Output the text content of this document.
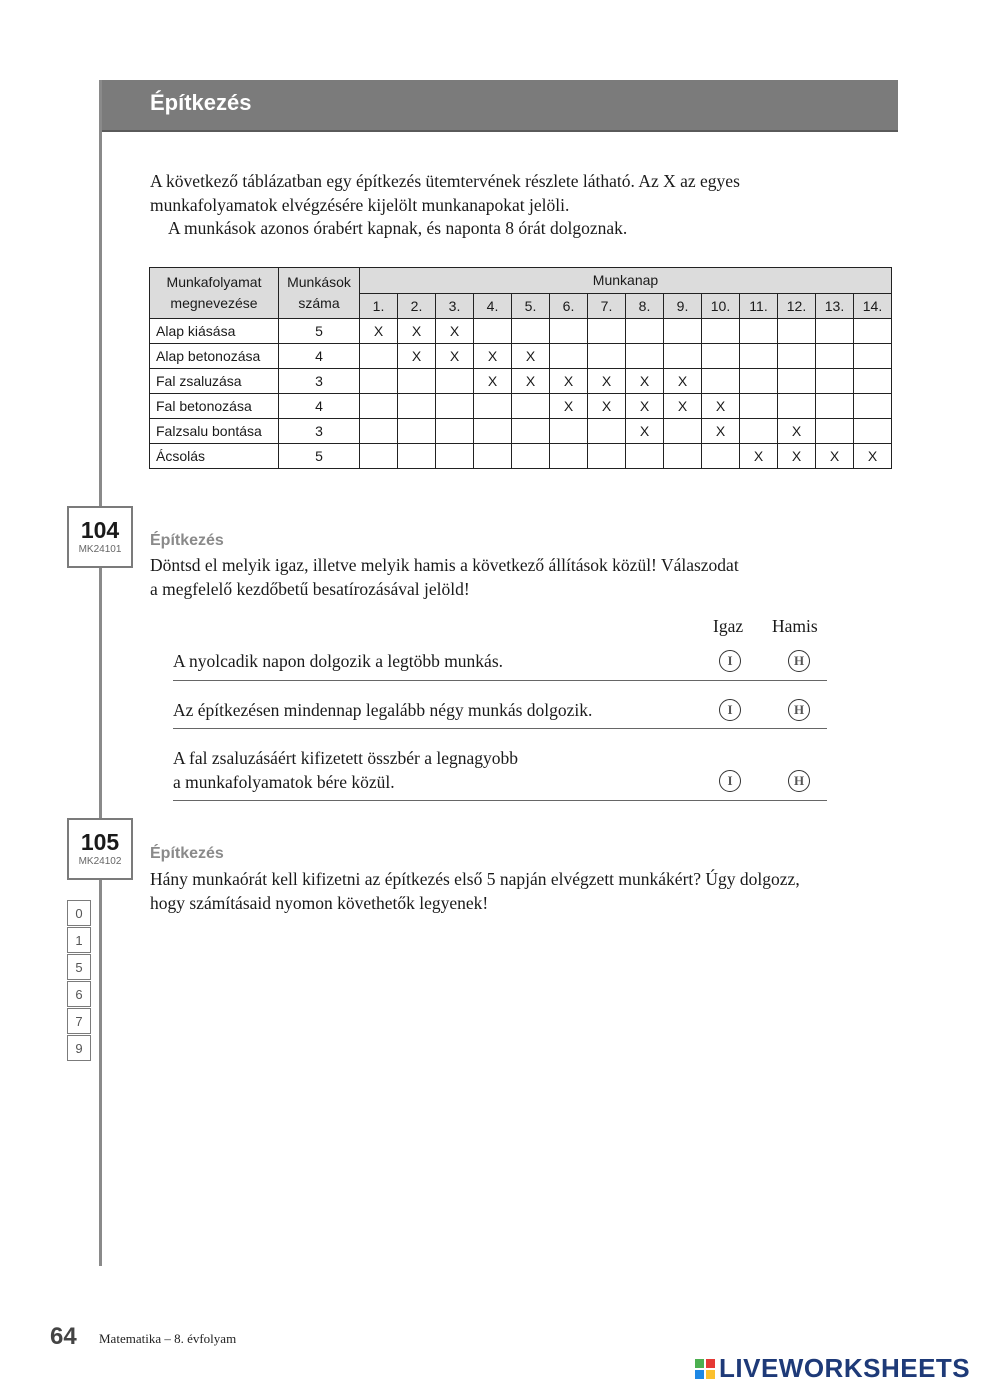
Építkezés

A következő táblázatban egy építkezés ütemtervének részlete látható. Az X az egyes

munkafolyamatok elvégzésére kijelölt munkanapokat jelöli.

A munkások azonos órabért kapnak, és naponta 8 órát dolgoznak.

Munkafolyamat
megnevezése	Munkások
száma	Munkanap													
		1.	2.	3.	4.	5.	6.	7.	8.	9.	10.	11.	12.	13.	14.
Alap kiásása	5	X	X	X											
Alap betonozása	4		X	X	X	X									
Fal zsaluzása	3				X	X	X	X	X	X					
Fal betonozása	4						X	X	X	X	X				
Falzsalu bontása	3								X		X		X		
Ácsolás	5											X	X	X	X
104
MK24101
Építkezés

Döntsd el melyik igaz, illetve melyik hamis a következő állítások közül! Válaszodat

a megfelelő kezdőbetű besatírozásával jelöld!

Igaz Hamis
A nyolcadik napon dolgozik a legtöbb munkás.	I	H
Az építkezésen mindennap legalább négy munkás dolgozik.	I	H
A fal zsaluzásáért kifizetett összbér a legnagyobb
a munkafolyamatok bére közül.	I	H
105
MK24102	Építkezés

Hány munkaórát kell kifizetni az építkezés első 5 napján elvégzett munkákért? Úgy dolgozz,

hogy számításaid nyomon követhetők legyenek!

0
1
5
6
7
9
64 Matematika – 8. évfolyam
LIVEWORKSHEETS
